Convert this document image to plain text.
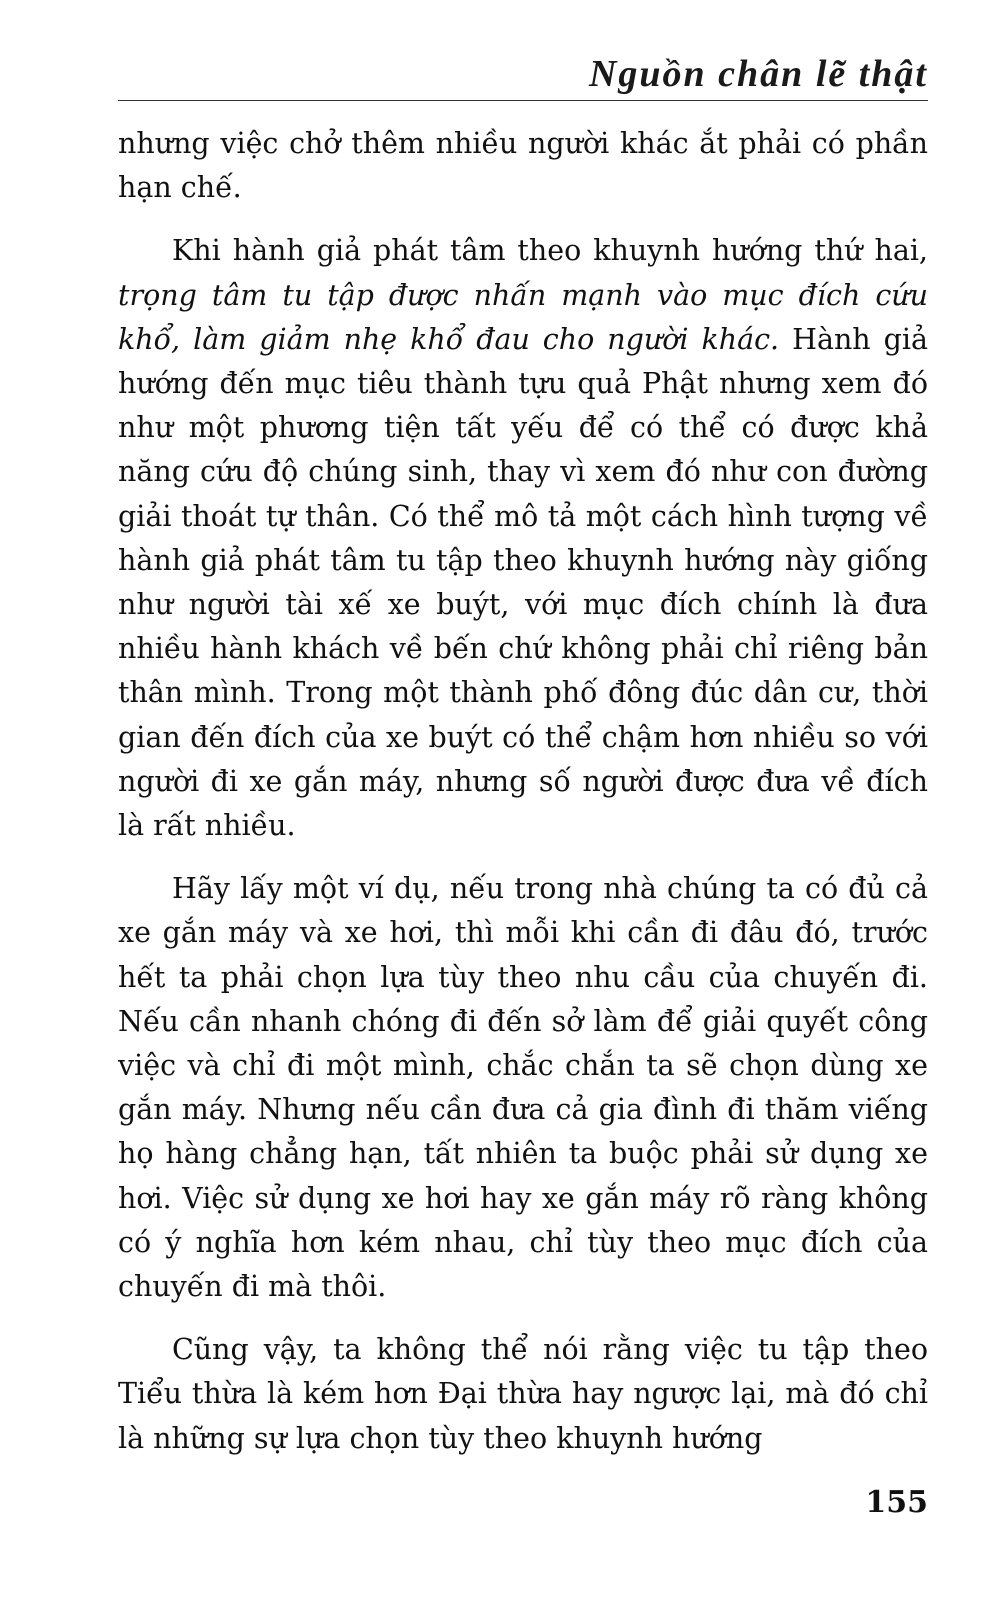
Nguồn chân lẽ thật

nhưng việc chở thêm nhiều người khác ắt phải có phần hạn chế.

Khi hành giả phát tâm theo khuynh hướng thứ hai, trọng tâm tu tập được nhấn mạnh vào mục đích cứu khổ, làm giảm nhẹ khổ đau cho người khác. Hành giả hướng đến mục tiêu thành tựu quả Phật nhưng xem đó như một phương tiện tất yếu để có thể có được khả năng cứu độ chúng sinh, thay vì xem đó như con đường giải thoát tự thân. Có thể mô tả một cách hình tượng về hành giả phát tâm tu tập theo khuynh hướng này giống như người tài xế xe buýt, với mục đích chính là đưa nhiều hành khách về bến chứ không phải chỉ riêng bản thân mình. Trong một thành phố đông đúc dân cư, thời gian đến đích của xe buýt có thể chậm hơn nhiều so với người đi xe gắn máy, nhưng số người được đưa về đích là rất nhiều.

Hãy lấy một ví dụ, nếu trong nhà chúng ta có đủ cả xe gắn máy và xe hơi, thì mỗi khi cần đi đâu đó, trước hết ta phải chọn lựa tùy theo nhu cầu của chuyến đi. Nếu cần nhanh chóng đi đến sở làm để giải quyết công việc và chỉ đi một mình, chắc chắn ta sẽ chọn dùng xe gắn máy. Nhưng nếu cần đưa cả gia đình đi thăm viếng họ hàng chẳng hạn, tất nhiên ta buộc phải sử dụng xe hơi. Việc sử dụng xe hơi hay xe gắn máy rõ ràng không có ý nghĩa hơn kém nhau, chỉ tùy theo mục đích của chuyến đi mà thôi.

Cũng vậy, ta không thể nói rằng việc tu tập theo Tiểu thừa là kém hơn Đại thừa hay ngược lại, mà đó chỉ là những sự lựa chọn tùy theo khuynh hướng

155
